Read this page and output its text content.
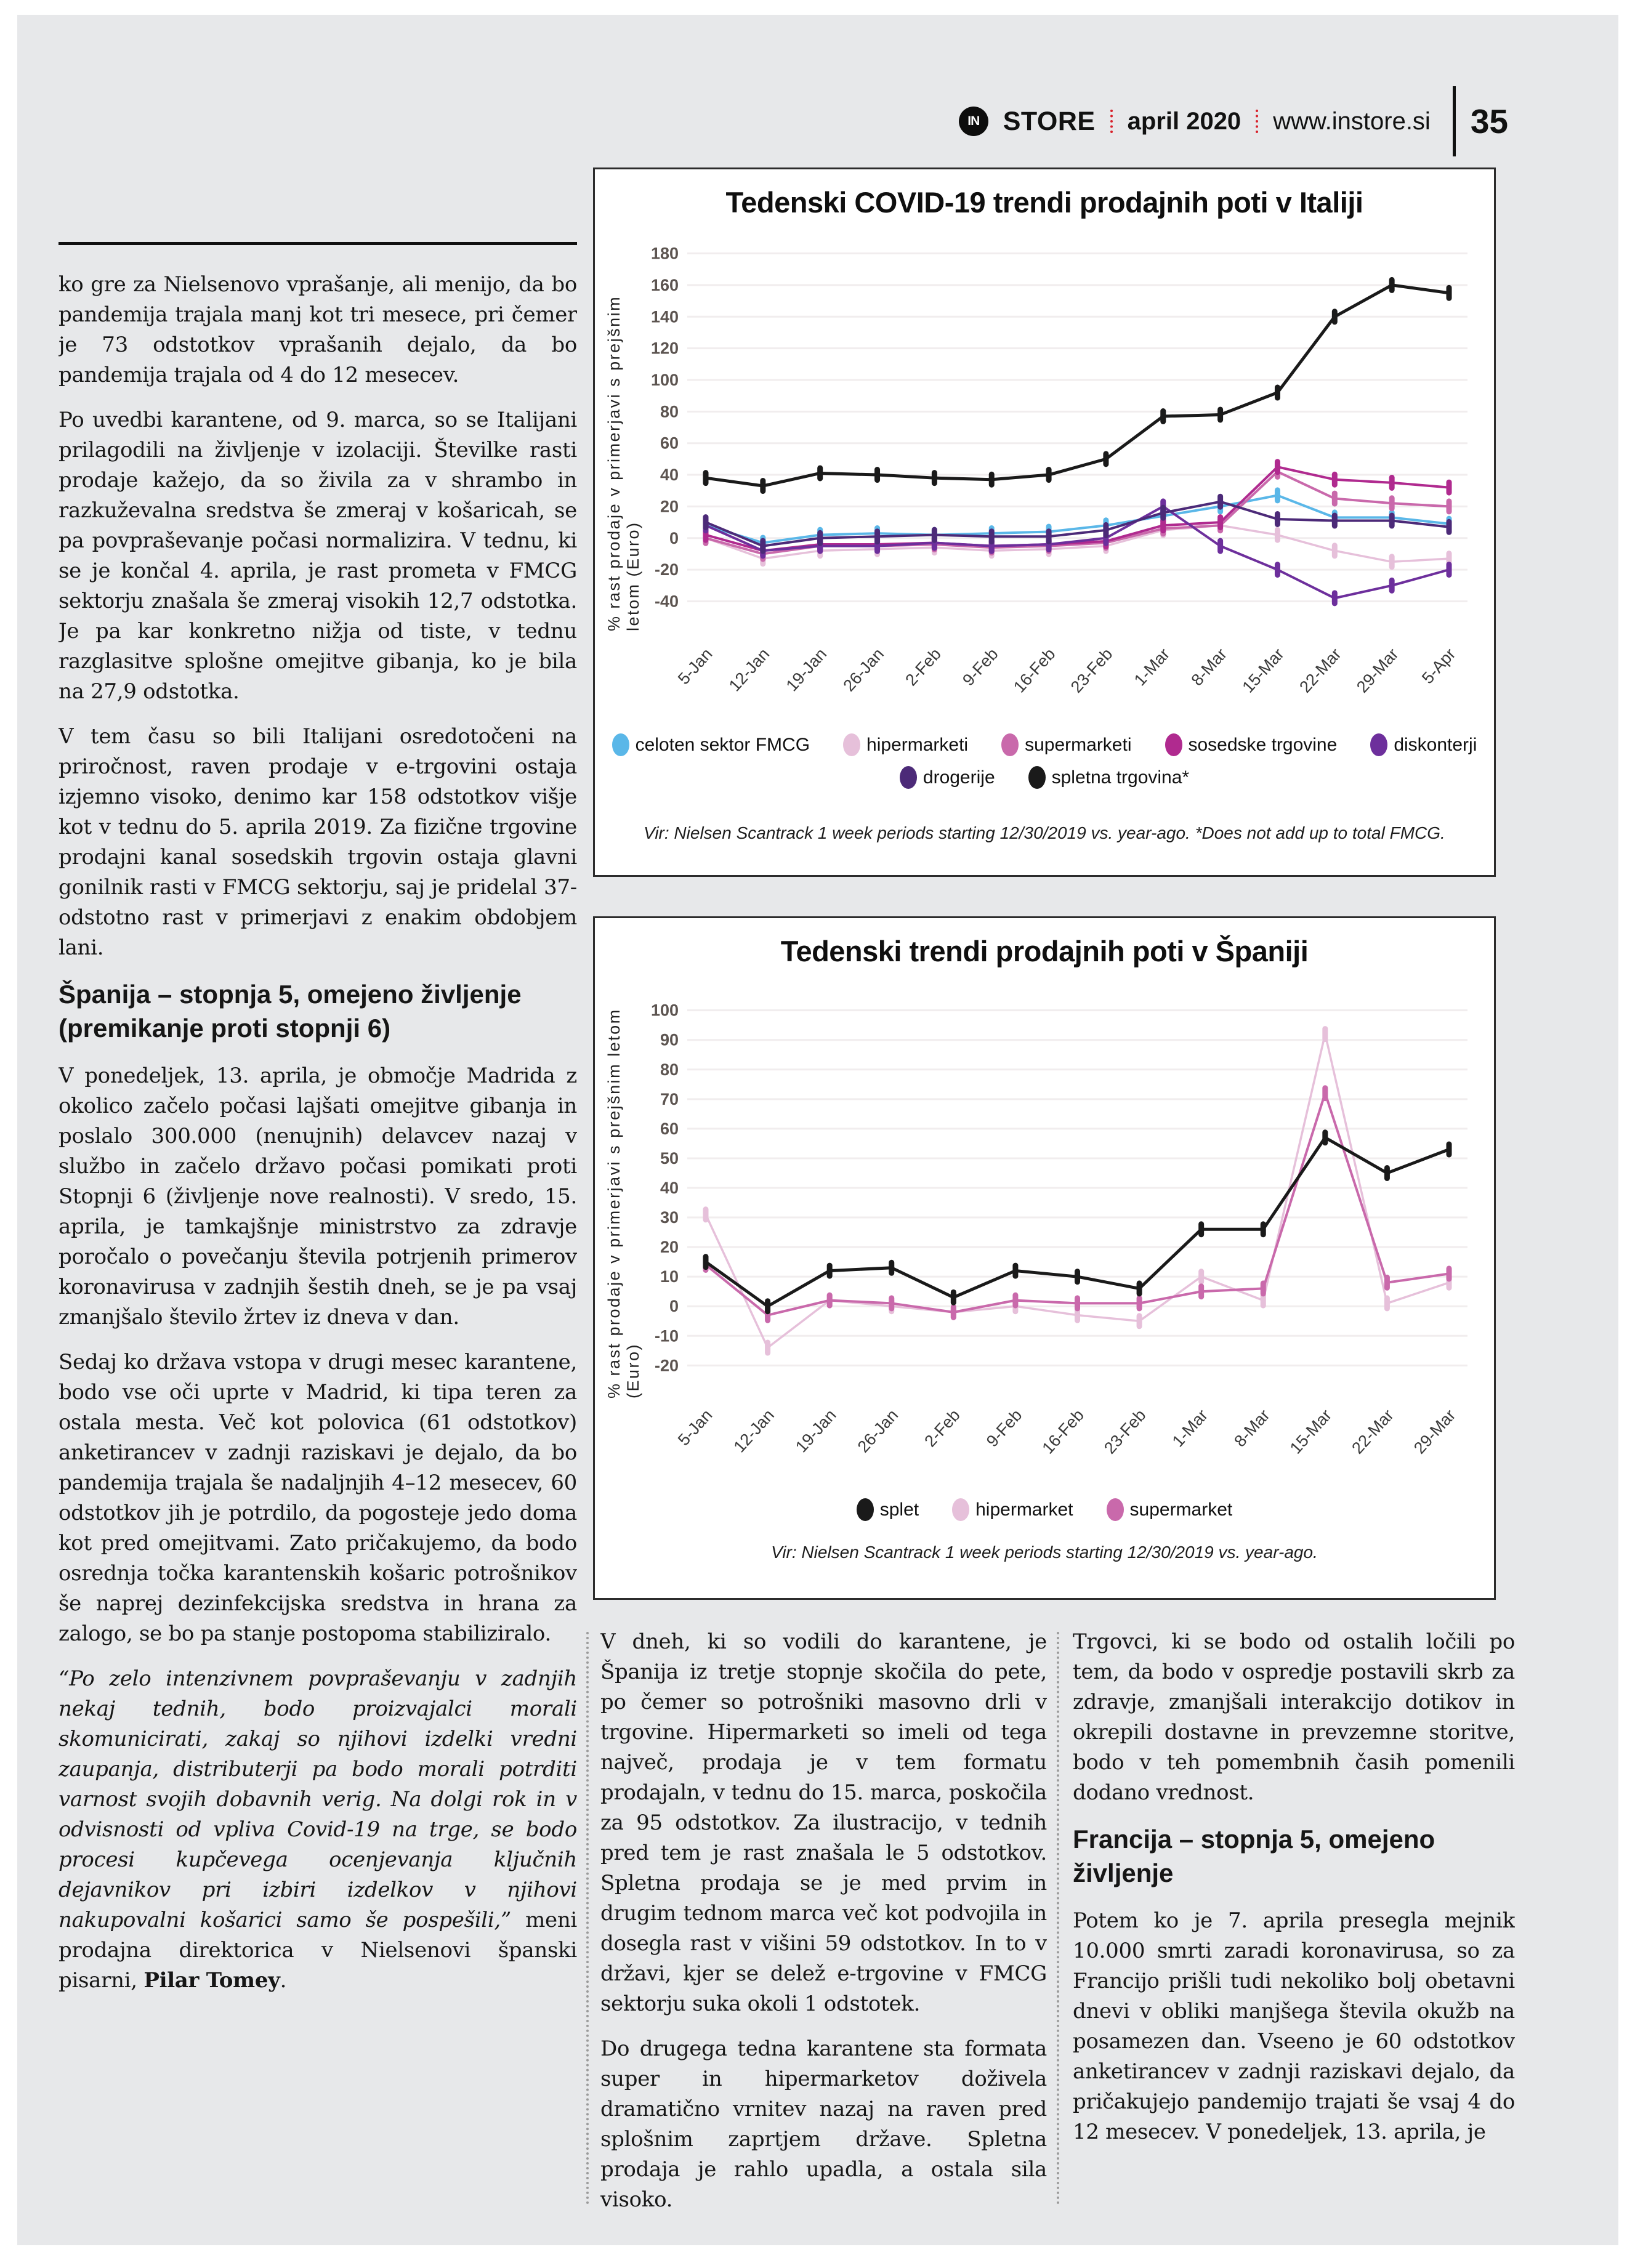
IN STORE april 2020 www.instore.si 35

ko gre za Nielsenovo vprašanje, ali menijo, da bo pandemija trajala manj kot tri mesece, pri čemer je 73 odstotkov vprašanih dejalo, da bo pandemija trajala od 4 do 12 mesecev.

Po uvedbi karantene, od 9. marca, so se Italijani prilagodili na življenje v izolaciji. Številke rasti prodaje kažejo, da so živila za v shrambo in razkuževalna sredstva še zmeraj v košaricah, se pa povpraševanje počasi normalizira. V tednu, ki se je končal 4. aprila, je rast prometa v FMCG sektorju znašala še zmeraj visokih 12,7 odstotka. Je pa kar konkretno nižja od tiste, v tednu razglasitve splošne omejitve gibanja, ko je bila na 27,9 odstotka.

V tem času so bili Italijani osredotočeni na priročnost, raven prodaje v e-trgovini ostaja izjemno visoko, denimo kar 158 odstotkov višje kot v tednu do 5. aprila 2019. Za fizične trgovine prodajni kanal sosedskih trgovin ostaja glavni gonilnik rasti v FMCG sektorju, saj je pridelal 37-odstotno rast v primerjavi z enakim obdobjem lani.

Španija – stopnja 5, omejeno življenje (premikanje proti stopnji 6)

V ponedeljek, 13. aprila, je območje Madrida z okolico začelo počasi lajšati omejitve gibanja in poslalo 300.000 (nenujnih) delavcev nazaj v službo in začelo državo počasi pomikati proti Stopnji 6 (življenje nove realnosti). V sredo, 15. aprila, je tamkajšnje ministrstvo za zdravje poročalo o povečanju števila potrjenih primerov koronavirusa v zadnjih šestih dneh, se je pa vsaj zmanjšalo število žrtev iz dneva v dan.

Sedaj ko država vstopa v drugi mesec karantene, bodo vse oči uprte v Madrid, ki tipa teren za ostala mesta. Več kot polovica (61 odstotkov) anketirancev v zadnji raziskavi je dejalo, da bo pandemija trajala še nadaljnjih 4–12 mesecev, 60 odstotkov jih je potrdilo, da pogosteje jedo doma kot pred omejitvami. Zato pričakujemo, da bodo osrednja točka karantenskih košaric potrošnikov še naprej dezinfekcijska sredstva in hrana za zalogo, se bo pa stanje postopoma stabiliziralo.

“Po zelo intenzivnem povpraševanju v zadnjih nekaj tednih, bodo proizvajalci morali skomunicirati, zakaj so njihovi izdelki vredni zaupanja, distributerji pa bodo morali potrditi varnost svojih dobavnih verig. Na dolgi rok in v odvisnosti od vpliva Covid-19 na trge, se bodo procesi kupčevega ocenjevanja ključnih dejavnikov pri izbiri izdelkov v njihovi nakupovalni košarici samo še pospešili,” meni prodajna direktorica v Nielsenovi španski pisarni, Pilar Tomey.

Tedenski COVID-19 trendi prodajnih poti v Italiji
% rast prodaje v primerjavi s prejšnim letom (Euro) -40
-20
0
20
40
60
80
100
120
140
160
180
5-Jan 12-Jan 19-Jan 26-Jan 2-Feb 9-Feb 16-Feb 23-Feb 1-Mar 8-Mar 15-Mar 22-Mar 29-Mar 5-Apr
celoten sektor FMCG	hipermarketi	supermarketi	sosedske trgovine	diskonterji
drogerije	spletna trgovina*
Vir: Nielsen Scantrack 1 week periods starting 12/30/2019 vs. year-ago. *Does not add up to total FMCG.
Tedenski trendi prodajnih poti v Španiji
% rast prodaje v primerjavi s prejšnim letom (Euro) -20
-10
0
10
20
30
40
50
60
70
80
90
100
5-Jan 12-Jan 19-Jan 26-Jan 2-Feb 9-Feb 16-Feb 23-Feb 1-Mar 8-Mar 15-Mar 22-Mar 29-Mar
splet	hipermarket	supermarket
Vir: Nielsen Scantrack 1 week periods starting 12/30/2019 vs. year-ago.

V dneh, ki so vodili do karantene, je Španija iz tretje stopnje skočila do pete, po čemer so potrošniki masovno drli v trgovine. Hipermarketi so imeli od tega največ, prodaja je v tem formatu prodajaln, v tednu do 15. marca, poskočila za 95 odstotkov. Za ilustracijo, v tednih pred tem je rast znašala le 5 odstotkov. Spletna prodaja se je med prvim in drugim tednom marca več kot podvojila in dosegla rast v višini 59 odstotkov. In to v državi, kjer se delež e-trgovine v FMCG sektorju suka okoli 1 odstotek.

Do drugega tedna karantene sta formata super in hipermarketov doživela dramatično vrnitev nazaj na raven pred splošnim zaprtjem države. Spletna prodaja je rahlo upadla, a ostala sila visoko.

Trgovci, ki se bodo od ostalih ločili po tem, da bodo v ospredje postavili skrb za zdravje, zmanjšali interakcijo dotikov in okrepili dostavne in prevzemne storitve, bodo v teh pomembnih časih pomenili dodano vrednost.

Francija – stopnja 5, omejeno življenje

Potem ko je 7. aprila presegla mejnik 10.000 smrti zaradi koronavirusa, so za Francijo prišli tudi nekoliko bolj obetavni dnevi v obliki manjšega števila okužb na posamezen dan. Vseeno je 60 odstotkov anketirancev v zadnji raziskavi dejalo, da pričakujejo pandemijo trajati še vsaj 4 do 12 mesecev. V ponedeljek, 13. aprila, je
